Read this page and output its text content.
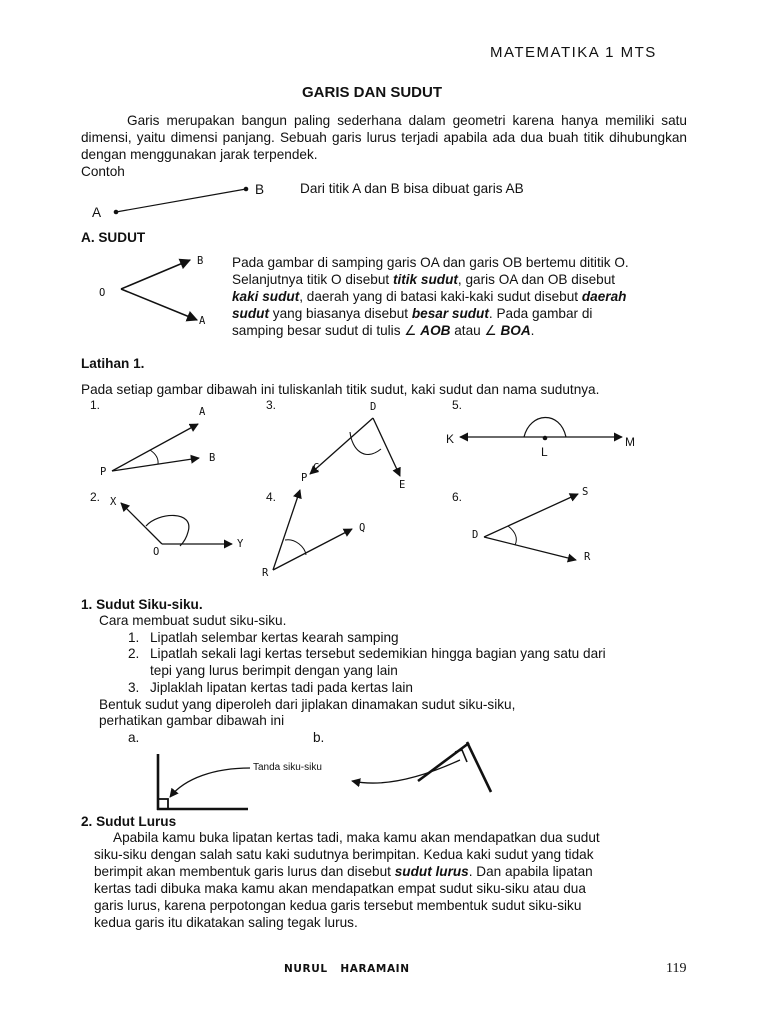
MATEMATIKA 1 MTS
GARIS DAN SUDUT
Garis merupakan bangun paling sederhana dalam geometri karena hanya memiliki satu dimensi, yaitu dimensi panjang. Sebuah garis lurus terjadi apabila ada dua buah titik dihubungkan dengan menggunakan jarak terpendek.
Contoh
A
B	Dari titik A dan B bisa dibuat garis AB
A. SUDUT
O
A
B Pada gambar di samping garis OA dan garis OB bertemu dititik O.
Selanjutnya titik O disebut titik sudut, garis OA dan OB disebut
kaki sudut, daerah yang di batasi kaki-kaki sudut disebut daerah
sudut yang biasanya disebut besar sudut. Pada gambar di
samping besar sudut di tulis ∠ AOB atau ∠ BOA.
Latihan 1.
Pada setiap gambar dibawah ini tuliskanlah titik sudut, kaki sudut dan nama sudutnya.
1.
2.
3.
4.
5.
6.
A
B
P
X
O
Y
D
C
P
E
Q
R
K
L
M
S
D
R
1. Sudut Siku-siku.
Cara membuat sudut siku-siku.
1. Lipatlah selembar kertas kearah samping
2. Lipatlah sekali lagi kertas tersebut sedemikian hingga bagian yang satu dari
tepi yang lurus berimpit dengan yang lain
3. Jiplaklah lipatan kertas tadi pada kertas lain
Bentuk sudut yang diperoleh dari jiplakan dinamakan sudut siku-siku,
perhatikan gambar dibawah ini
a.	b.
Tanda siku-siku
2. Sudut Lurus
Apabila kamu buka lipatan kertas tadi, maka kamu akan mendapatkan dua sudut
siku-siku dengan salah satu kaki sudutnya berimpitan. Kedua kaki sudut yang tidak
berimpit akan membentuk garis lurus dan disebut sudut lurus. Dan apabila lipatan
kertas tadi dibuka maka kamu akan mendapatkan empat sudut siku-siku atau dua
garis lurus, karena perpotongan kedua garis tersebut membentuk sudut siku-siku
kedua garis itu dikatakan saling tegak lurus.
NURUL   HARAMAIN	119
